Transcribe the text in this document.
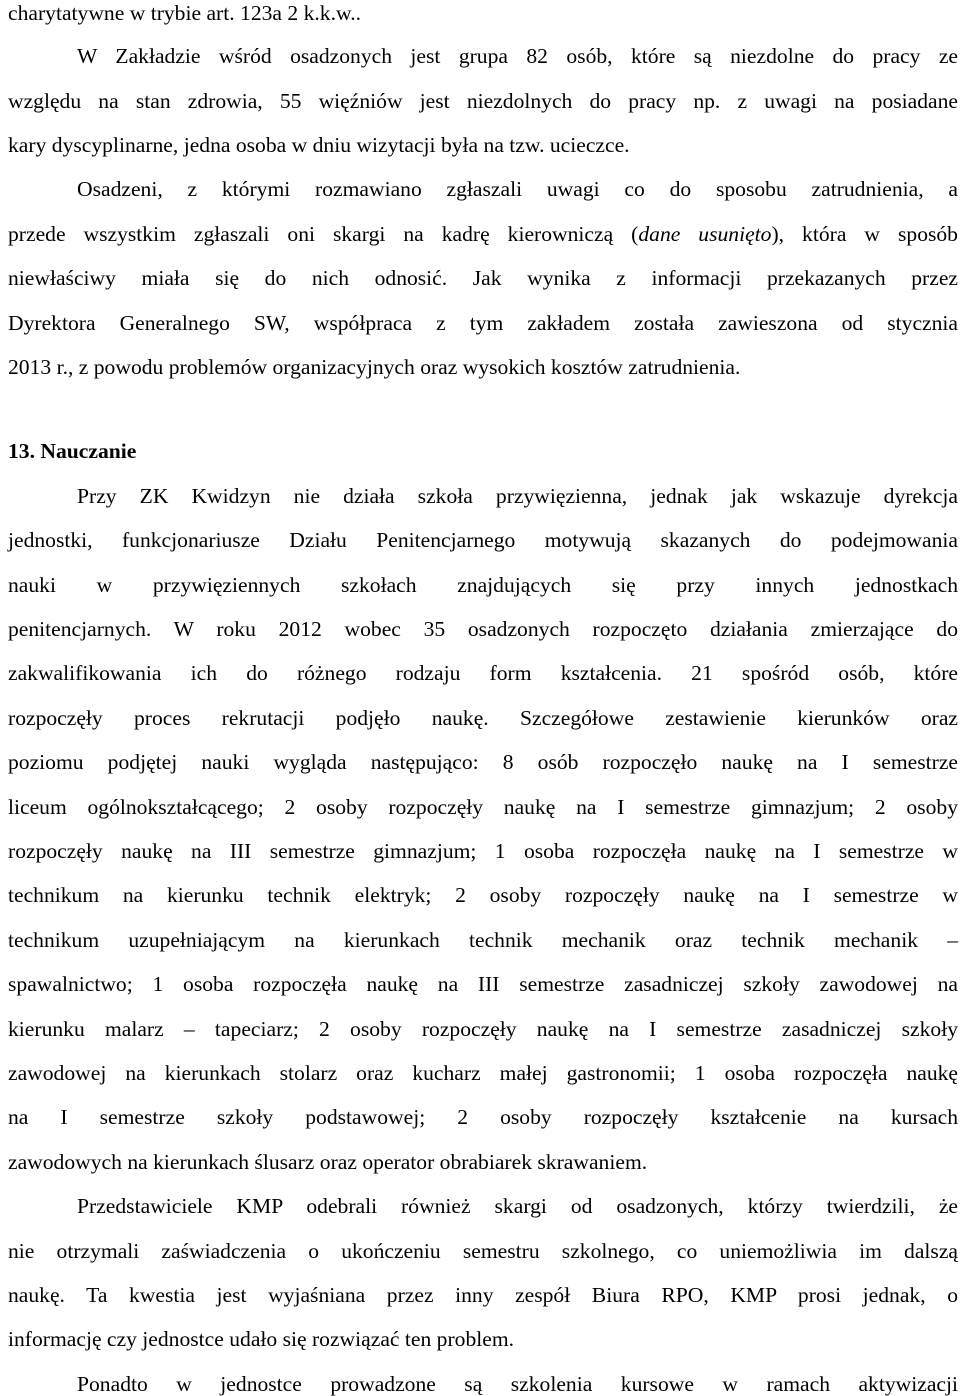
charytatywne w trybie art. 123a 2 k.k.w..

W Zakładzie wśród osadzonych jest grupa 82 osób, które są niezdolne do pracy ze

względu na stan zdrowia, 55 więźniów jest niezdolnych do pracy np. z uwagi na posiadane

kary dyscyplinarne, jedna osoba w dniu wizytacji była na tzw. ucieczce.

Osadzeni, z którymi rozmawiano zgłaszali uwagi co do sposobu zatrudnienia, a

przede wszystkim zgłaszali oni skargi na kadrę kierowniczą (dane usunięto), która w sposób

niewłaściwy miała się do nich odnosić. Jak wynika z informacji przekazanych przez

Dyrektora Generalnego SW, współpraca z tym zakładem została zawieszona od stycznia

2013 r., z powodu problemów organizacyjnych oraz wysokich kosztów zatrudnienia.

13. Nauczanie

Przy ZK Kwidzyn nie działa szkoła przywięzienna, jednak jak wskazuje dyrekcja

jednostki, funkcjonariusze Działu Penitencjarnego motywują skazanych do podejmowania

nauki w przywięziennych szkołach znajdujących się przy innych jednostkach

penitencjarnych. W roku 2012 wobec 35 osadzonych rozpoczęto działania zmierzające do

zakwalifikowania ich do różnego rodzaju form kształcenia. 21 spośród osób, które

rozpoczęły proces rekrutacji podjęło naukę. Szczegółowe zestawienie kierunków oraz

poziomu podjętej nauki wygląda następująco: 8 osób rozpoczęło naukę na I semestrze

liceum ogólnokształcącego; 2 osoby rozpoczęły naukę na I semestrze gimnazjum; 2 osoby

rozpoczęły naukę na III semestrze gimnazjum; 1 osoba rozpoczęła naukę na I semestrze w

technikum na kierunku technik elektryk; 2 osoby rozpoczęły naukę na I semestrze w

technikum uzupełniającym na kierunkach technik mechanik oraz technik mechanik –

spawalnictwo; 1 osoba rozpoczęła naukę na III semestrze zasadniczej szkoły zawodowej na

kierunku malarz – tapeciarz; 2 osoby rozpoczęły naukę na I semestrze zasadniczej szkoły

zawodowej na kierunkach stolarz oraz kucharz małej gastronomii; 1 osoba rozpoczęła naukę

na I semestrze szkoły podstawowej; 2 osoby rozpoczęły kształcenie na kursach

zawodowych na kierunkach ślusarz oraz operator obrabiarek skrawaniem.

Przedstawiciele KMP odebrali również skargi od osadzonych, którzy twierdzili, że

nie otrzymali zaświadczenia o ukończeniu semestru szkolnego, co uniemożliwia im dalszą

naukę. Ta kwestia jest wyjaśniana przez inny zespół Biura RPO, KMP prosi jednak, o

informację czy jednostce udało się rozwiązać ten problem.

Ponadto w jednostce prowadzone są szkolenia kursowe w ramach aktywizacji
